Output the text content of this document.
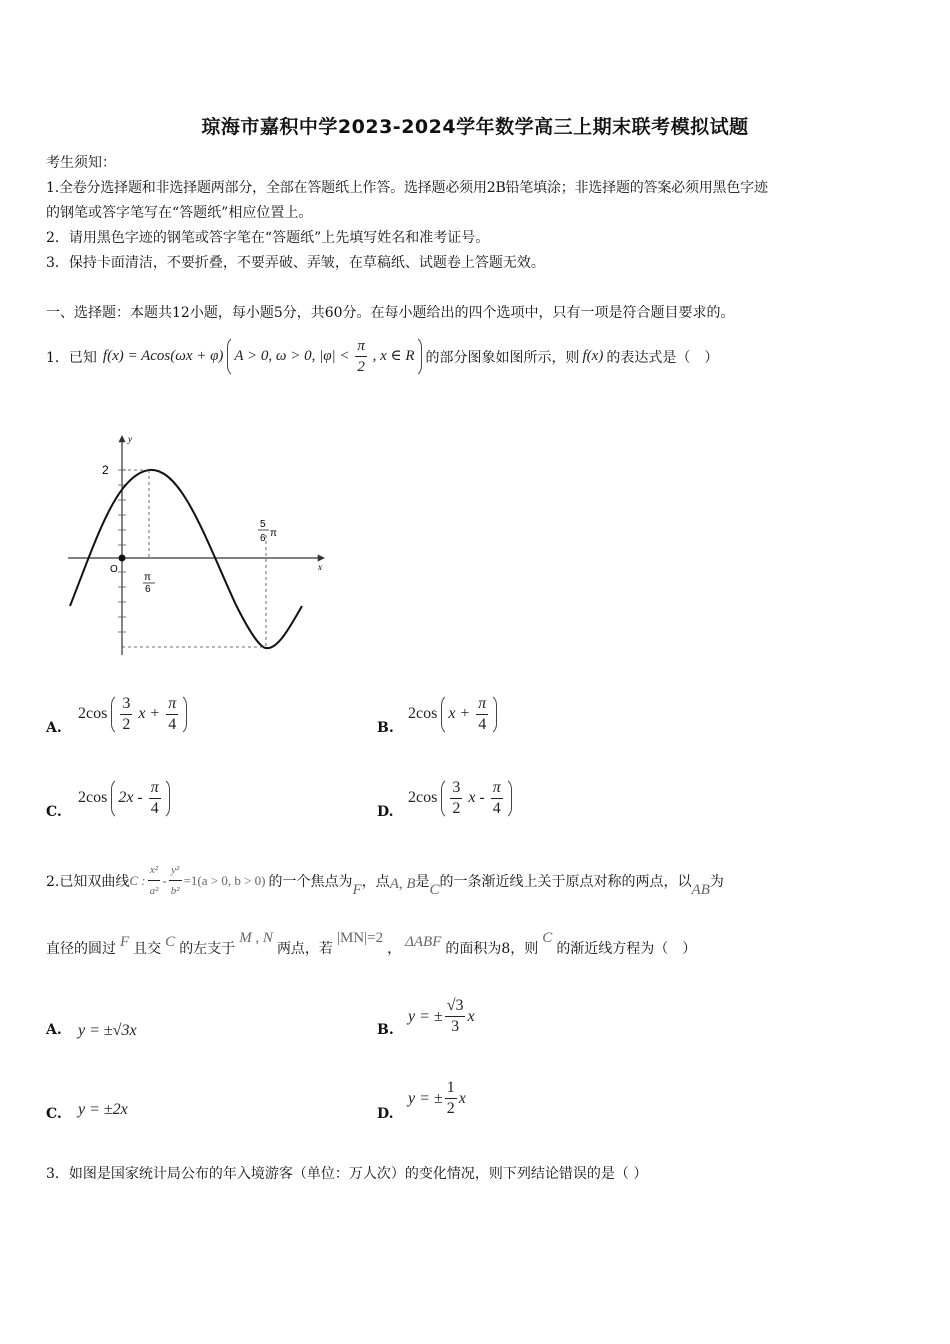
琼海市嘉积中学2023-2024学年数学高三上期末联考模拟试题
考生须知：
1.全卷分选择题和非选择题两部分，全部在答题纸上作答。选择题必须用2B铅笔填涂；非选择题的答案必须用黑色字迹
的钢笔或答字笔写在“答题纸”相应位置上。
2．请用黑色字迹的钢笔或答字笔在“答题纸”上先填写姓名和准考证号。
3．保持卡面清洁，不要折叠，不要弄破、弄皱，在草稿纸、试题卷上答题无效。
一、选择题：本题共12小题，每小题5分，共60分。在每小题给出的四个选项中，只有一项是符合题目要求的。
1．已知 f(x) = Acos(ωx + φ) A > 0, ω > 0, $|\varphi| < \frac{\pi}{2}$ , x ∈ R 的部分图象如图所示，则 f(x) 的表达式是（　）
y
x
O
2
π
6
5
6 π
A.
$2\cos \frac{3}{2}$ $x + \frac{\pi}{4}$	B.
2cos $x + \frac{\pi}{4}$
C.
2cos $2x - \frac{\pi}{4}$	D.
$2\cos \frac{3}{2}$ x - $\frac{\pi}{4}$
2.已知双曲线 C : $\frac{\text{x²}}{\text{a²}} - \frac{\text{y²}}{\text{b²}} =1(a > 0$, b > 0) 的一个焦点为
F
，点 A, B 是
C
的一条渐近线上关于原点对称的两点，以
AB
为
直径的圆过 F 且交 C 的左支于
M , N
两点，若
|MN|=2
， ΔABF 的面积为8，则
C
的渐近线方程为（　）
A. y = ±√3x	B.
y = ± $\frac{√3}{3}$ x
C. y = ±2x	D.
y = ± $\frac{1}{2}$ x
3．如图是国家统计局公布的年入境游客（单位：万人次）的变化情况，则下列结论错误的是（ ）
